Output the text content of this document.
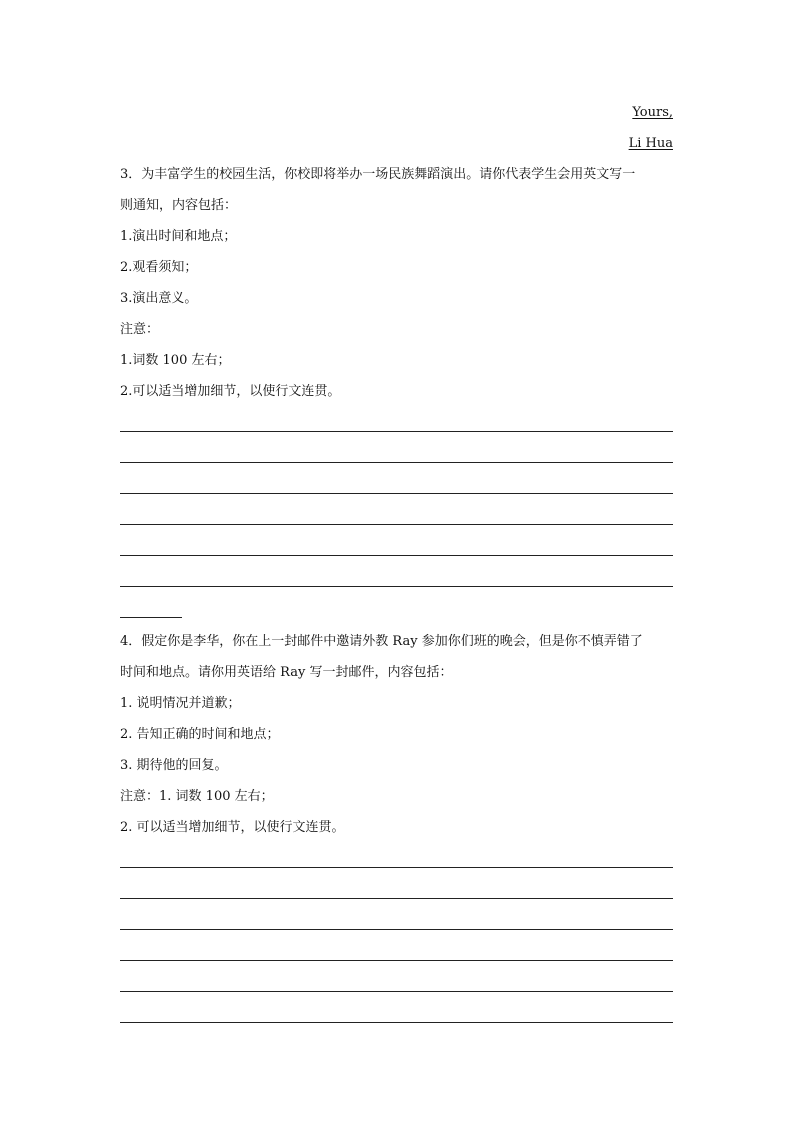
Yours,
Li Hua
3．为丰富学生的校园生活，你校即将举办一场民族舞蹈演出。请你代表学生会用英文写一
则通知，内容包括：
1.演出时间和地点；
2.观看须知；
3.演出意义。
注意：
1.词数 100 左右；
2.可以适当增加细节，以使行文连贯。
4．假定你是李华，你在上一封邮件中邀请外教 Ray 参加你们班的晚会，但是你不慎弄错了
时间和地点。请你用英语给 Ray 写一封邮件，内容包括：
1. 说明情况并道歉；
2. 告知正确的时间和地点；
3. 期待他的回复。
注意：1. 词数 100 左右；
2. 可以适当增加细节，以使行文连贯。
